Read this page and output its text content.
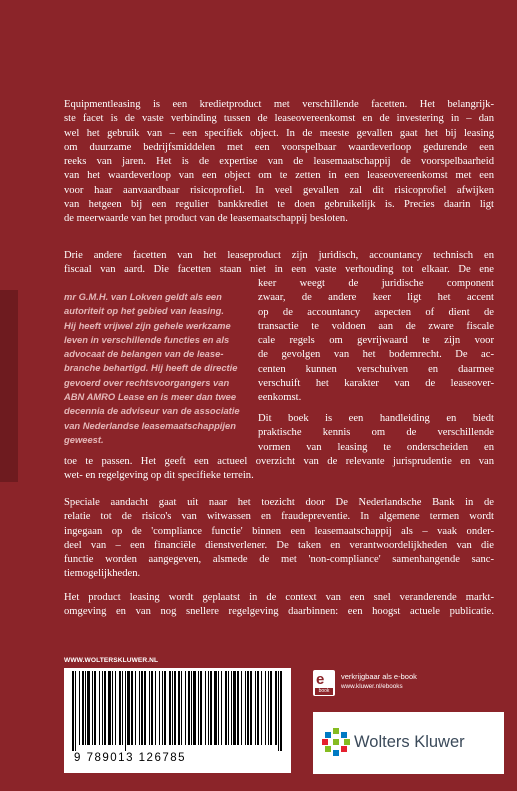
Equipmentleasing is een kredietproduct met verschillende facetten. Het belangrijk-
ste facet is de vaste verbinding tussen de leaseovereenkomst en de investering in – dan
wel het gebruik van – een specifiek object. In de meeste gevallen gaat het bij leasing
om duurzame bedrijfsmiddelen met een voorspelbaar waardeverloop gedurende een
reeks van jaren. Het is de expertise van de leasemaatschappij de voorspelbaarheid
van het waardeverloop van een object om te zetten in een leaseovereenkomst met een
voor haar aanvaardbaar risicoprofiel. In veel gevallen zal dit risicoprofiel afwijken
van hetgeen bij een regulier bankkrediet te doen gebruikelijk is. Precies daarin ligt
de meerwaarde van het product van de leasemaatschappij besloten.
Drie andere facetten van het leaseproduct zijn juridisch, accountancy technisch en
fiscaal van aard. Die facetten staan niet in een vaste verhouding tot elkaar. De ene
mr G.M.H. van Lokven geldt als een
autoriteit op het gebied van leasing.
Hij heeft vrijwel zijn gehele werkzame
leven in verschillende functies en als
advocaat de belangen van de lease-
branche behartigd. Hij heeft de directie
gevoerd over rechtsvoorgangers van
ABN AMRO Lease en is meer dan twee
decennia de adviseur van de associatie
van Nederlandse leasemaatschappijen
geweest.
keer weegt de juridische component
zwaar, de andere keer ligt het accent
op de accountancy aspecten of dient de
transactie te voldoen aan de zware fiscale
cale regels om gevrijwaard te zijn voor
de gevolgen van het bodemrecht. De ac-
centen kunnen verschuiven en daarmee
verschuift het karakter van de leaseover-
eenkomst.
Dit boek is een handleiding en biedt
praktische kennis om de verschillende
vormen van leasing te onderscheiden en
toe te passen. Het geeft een actueel overzicht van de relevante jurisprudentie en van
wet- en regelgeving op dit specifieke terrein.
Speciale aandacht gaat uit naar het toezicht door De Nederlandsche Bank in de
relatie tot de risico's van witwassen en fraudepreventie. In algemene termen wordt
ingegaan op de 'compliance functie' binnen een leasemaatschappij als – vaak onder-
deel van – een financiële dienstverlener. De taken en verantwoordelijkheden van die
functie worden aangegeven, alsmede de met 'non-compliance' samenhangende sanc-
tiemogelijkheden.
Het product leasing wordt geplaatst in de context van een snel veranderende markt-
omgeving en van nog snellere regelgeving daarbinnen: een hoogst actuele publicatie.
WWW.WOLTERSKLUWER.NL
9 789013 126785
e
book
verkrijgbaar als e-book
www.kluwer.nl/ebooks
Wolters Kluwer
